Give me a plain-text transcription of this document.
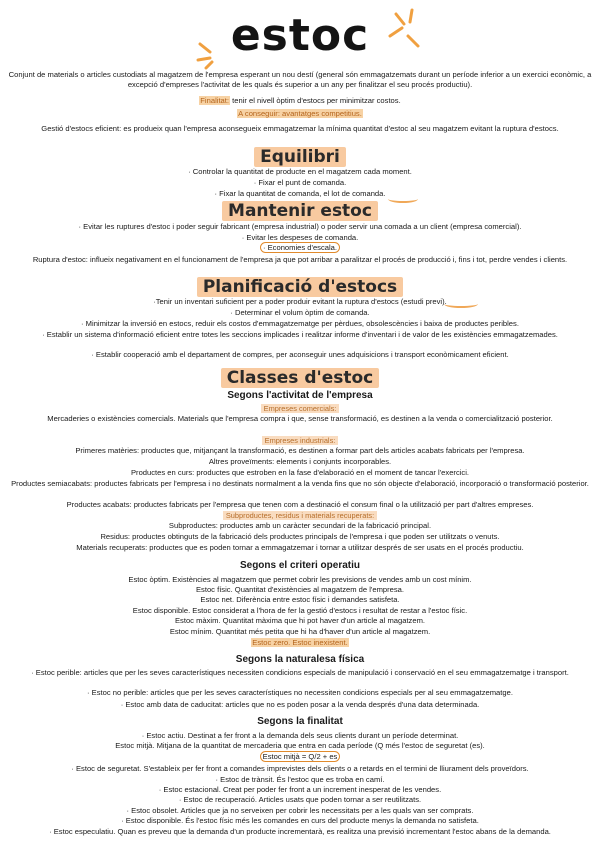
estoc
Conjunt de materials o articles custodiats al magatzem de l'empresa esperant un nou destí (general són emmagatzemats durant un període inferior a un exercici econòmic, a excepció d'empreses l'activitat de les quals és superior a un any per finalitzar el seu procés productiu).
Finalitat: tenir el nivell òptim d'estocs per minimitzar costos.
A conseguir: avantatges competitius.
Gestió d'estocs eficient: es produeix quan l'empresa aconsegueix emmagatzemar la mínima quantitat d'estoc al seu magatzem evitant la ruptura d'estocs.
Equilibri
· Controlar la quantitat de producte en el magatzem cada moment.
· Fixar el punt de comanda.
· Fixar la quantitat de comanda, el lot de comanda.
Mantenir estoc
· Evitar les ruptures d'estoc i poder seguir fabricant (empresa industrial) o poder servir una comada a un client (empresa comercial).
· Evitar les despeses de comanda.
· Economies d'escala.
Ruptura d'estoc: influeix negativament en el funcionament de l'empresa ja que pot arribar a paralitzar el procés de producció i, fins i tot, perdre vendes i clients.
Planificació d'estocs
·Tenir un inventari suficient per a poder produir evitant la ruptura d'estocs (estudi previ).
· Determinar el volum òptim de comanda.
· Minimitzar la inversió en estocs, reduir els costos d'emmagatzematge per pèrdues, obsolescències i baixa de productes peribles.
· Establir un sistema d'informació eficient entre totes les seccions implicades i realitzar informe d'inventari i de valor de les existències emmagatzemades.
· Establir cooperació amb el departament de compres, per aconseguir unes adquisicions i transport econòmicament eficient.
Classes d'estoc
Segons l'activitat de l'empresa
Empreses comercials:
Mercaderies o existències comercials. Materials que l'empresa compra i que, sense transformació, es destinen a la venda o comercialització posterior.
Empreses industrials:
Primeres matèries: productes que, mitjançant la transformació, es destinen a formar part dels articles acabats fabricats per l'empresa.
Altres proveïments: elements i conjunts incorporables.
Productes en curs: productes que estroben en la fase d'elaboració en el moment de tancar l'exercici.
Productes semiacabats: productes fabricats per l'empresa i no destinats normalment a la venda fins que no són objecte d'elaboració, incorporació o transformació posterior.
Productes acabats: productes fabricats per l'empresa que tenen com a destinació el consum final o la utilització per part d'altres empreses.
Subproductes, residus i materials recuperats:
Subproductes: productes amb un caràcter secundari de la fabricació principal.
Residus: productes obtinguts de la fabricació dels productes principals de l'empresa i que poden ser utilitzats o venuts.
Materials recuperats: productes que es poden tornar a emmagatzemar i tornar a utilitzar després de ser usats en el procés productiu.
Segons el criteri operatiu
Estoc òptim. Existències al magatzem que permet cobrir les previsions de vendes amb un cost mínim.
Estoc físic. Quantitat d'existències al magatzem de l'empresa.
Estoc net. Diferència entre estoc físic i demandes satisfeta.
Estoc disponible. Estoc considerat a l'hora de fer la gestió d'estocs i resultat de restar a l'estoc físic.
Estoc màxim. Quantitat màxima que hi pot haver d'un article al magatzem.
Estoc mínim. Quantitat més petita que hi ha d'haver d'un article al magatzem.
Estoc zero. Estoc inexistent.
Segons la naturalesa física
· Estoc perible: articles que per les seves característiques necessiten condicions especials de manipulació i conservació en el seu emmagatzematge i transport.
· Estoc no perible: articles que per les seves característiques no necessiten condicions especials per al seu emmagatzematge.
· Estoc amb data de caducitat: articles que no es poden posar a la venda després d'una data determinada.
Segons la finalitat
· Estoc actiu. Destinat a fer front a la demanda dels seus clients durant un període determinat.
Estoc mitjà. Mitjana de la quantitat de mercaderia que entra en cada període (Q més l'estoc de seguretat (es).
Estoc mitjà = Q/2 + es
· Estoc de seguretat. S'estableix per fer front a comandes imprevistes dels clients o a retards en el termini de lliurament dels proveïdors.
· Estoc de trànsit. És l'estoc que es troba en camí.
· Estoc estacional. Creat per poder fer front a un increment inesperat de les vendes.
· Estoc de recuperació. Articles usats que poden tornar a ser reutilitzats.
· Estoc obsolet. Articles que ja no serveixen per cobrir les necessitats per a les quals van ser comprats.
· Estoc disponible. És l'estoc físic més les comandes en curs del producte menys la demanda no satisfeta.
· Estoc especulatiu. Quan es preveu que la demanda d'un producte incrementarà, es realitza una previsió incrementant l'estoc abans de la demanda.
